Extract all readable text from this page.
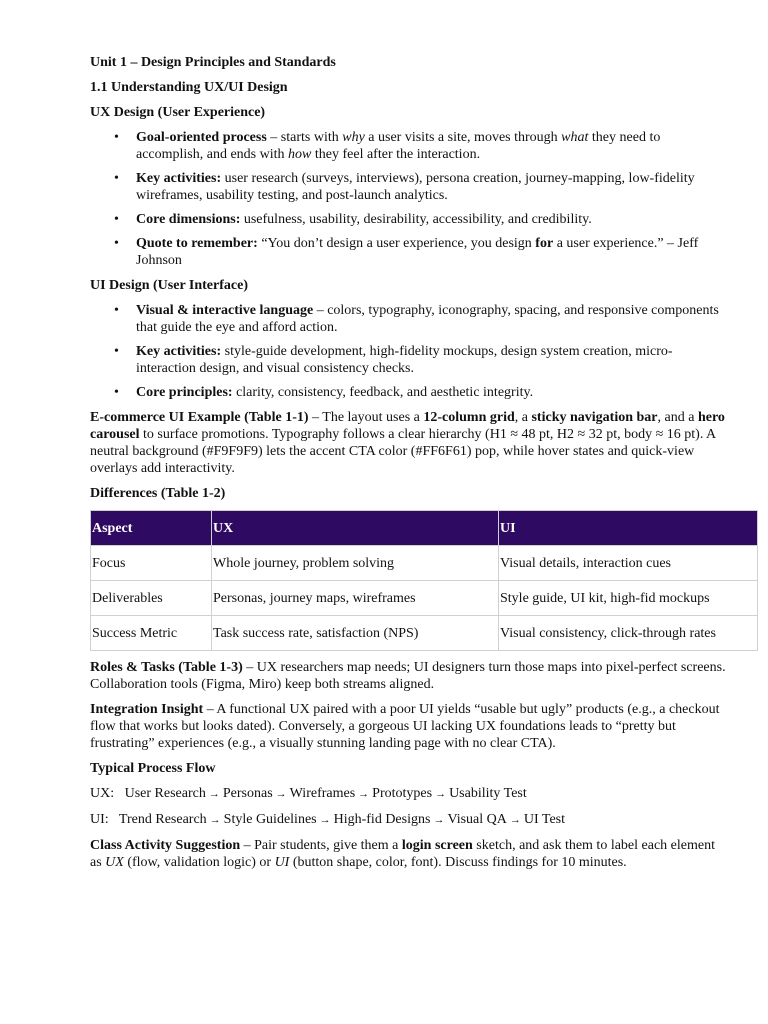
Unit 1 – Design Principles and Standards

1.1 Understanding UX/UI Design

UX Design (User Experience)

• Goal-oriented process – starts with why a user visits a site, moves through what they need to accomplish, and ends with how they feel after the interaction.
• Key activities: user research (surveys, interviews), persona creation, journey-mapping, low-fidelity wireframes, usability testing, and post-launch analytics.
• Core dimensions: usefulness, usability, desirability, accessibility, and credibility.
• Quote to remember: “You don’t design a user experience, you design for a user experience.” – Jeff Johnson

UI Design (User Interface)

• Visual & interactive language – colors, typography, iconography, spacing, and responsive components that guide the eye and afford action.
• Key activities: style-guide development, high-fidelity mockups, design system creation, micro-interaction design, and visual consistency checks.
• Core principles: clarity, consistency, feedback, and aesthetic integrity.

E-commerce UI Example (Table 1-1) – The layout uses a 12-column grid, a sticky navigation bar, and a hero carousel to surface promotions. Typography follows a clear hierarchy (H1 ≈ 48 pt, H2 ≈ 32 pt, body ≈ 16 pt). A neutral background (#F9F9F9) lets the accent CTA color (#FF6F61) pop, while hover states and quick-view overlays add interactivity.

Differences (Table 1-2)

Aspect	UX	UI
Focus	Whole journey, problem solving	Visual details, interaction cues
Deliverables	Personas, journey maps, wireframes	Style guide, UI kit, high-fid mockups
Success Metric	Task success rate, satisfaction (NPS)	Visual consistency, click-through rates

Roles & Tasks (Table 1-3) – UX researchers map needs; UI designers turn those maps into pixel-perfect screens. Collaboration tools (Figma, Miro) keep both streams aligned.

Integration Insight – A functional UX paired with a poor UI yields “usable but ugly” products (e.g., a checkout flow that works but looks dated). Conversely, a gorgeous UI lacking UX foundations leads to “pretty but frustrating” experiences (e.g., a visually stunning landing page with no clear CTA).

Typical Process Flow

UX: User Research → Personas → Wireframes → Prototypes → Usability Test

UI: Trend Research → Style Guidelines → High-fid Designs → Visual QA → UI Test

Class Activity Suggestion – Pair students, give them a login screen sketch, and ask them to label each element as UX (flow, validation logic) or UI (button shape, color, font). Discuss findings for 10 minutes.
